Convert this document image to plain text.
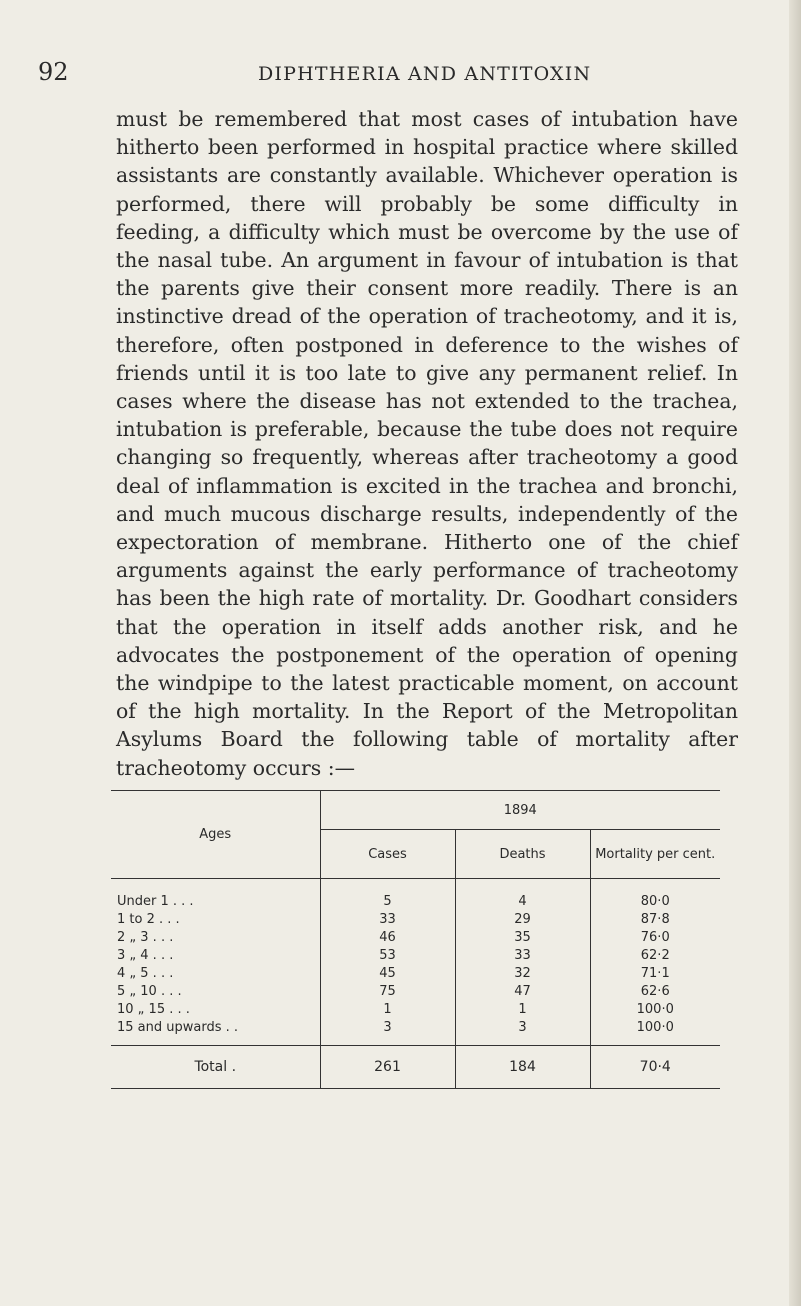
92	DIPHTHERIA AND ANTITOXIN

must be remembered that most cases of intubation have hitherto been performed in hospital practice where skilled assistants are constantly available. Whichever operation is performed, there will probably be some difficulty in feeding, a difficulty which must be overcome by the use of the nasal tube. An argument in favour of intubation is that the parents give their consent more readily. There is an instinctive dread of the operation of tracheotomy, and it is, therefore, often postponed in deference to the wishes of friends until it is too late to give any permanent relief. In cases where the disease has not extended to the trachea, intubation is preferable, because the tube does not require changing so frequently, whereas after tracheotomy a good deal of inflammation is excited in the trachea and bronchi, and much mucous discharge results, independently of the expectoration of membrane. Hitherto one of the chief arguments against the early performance of tracheotomy has been the high rate of mortality. Dr. Goodhart considers that the operation in itself adds another risk, and he advocates the postponement of the operation of opening the windpipe to the latest practicable moment, on account of the high mortality. In the Report of the Metropolitan Asylums Board the following table of mortality after tracheotomy occurs :—

Ages	1894		
	Cases	Deaths	Mortality per cent.
Under 1 . . .	5	4	80·0
1 to 2 . . .	33	29	87·8
2 „ 3 . . .	46	35	76·0
3 „ 4 . . .	53	33	62·2
4 „ 5 . . .	45	32	71·1
5 „ 10 . . .	75	47	62·6
10 „ 15 . . .	1	1	100·0
15 and upwards . .	3	3	100·0
Total .	261	184	70·4
